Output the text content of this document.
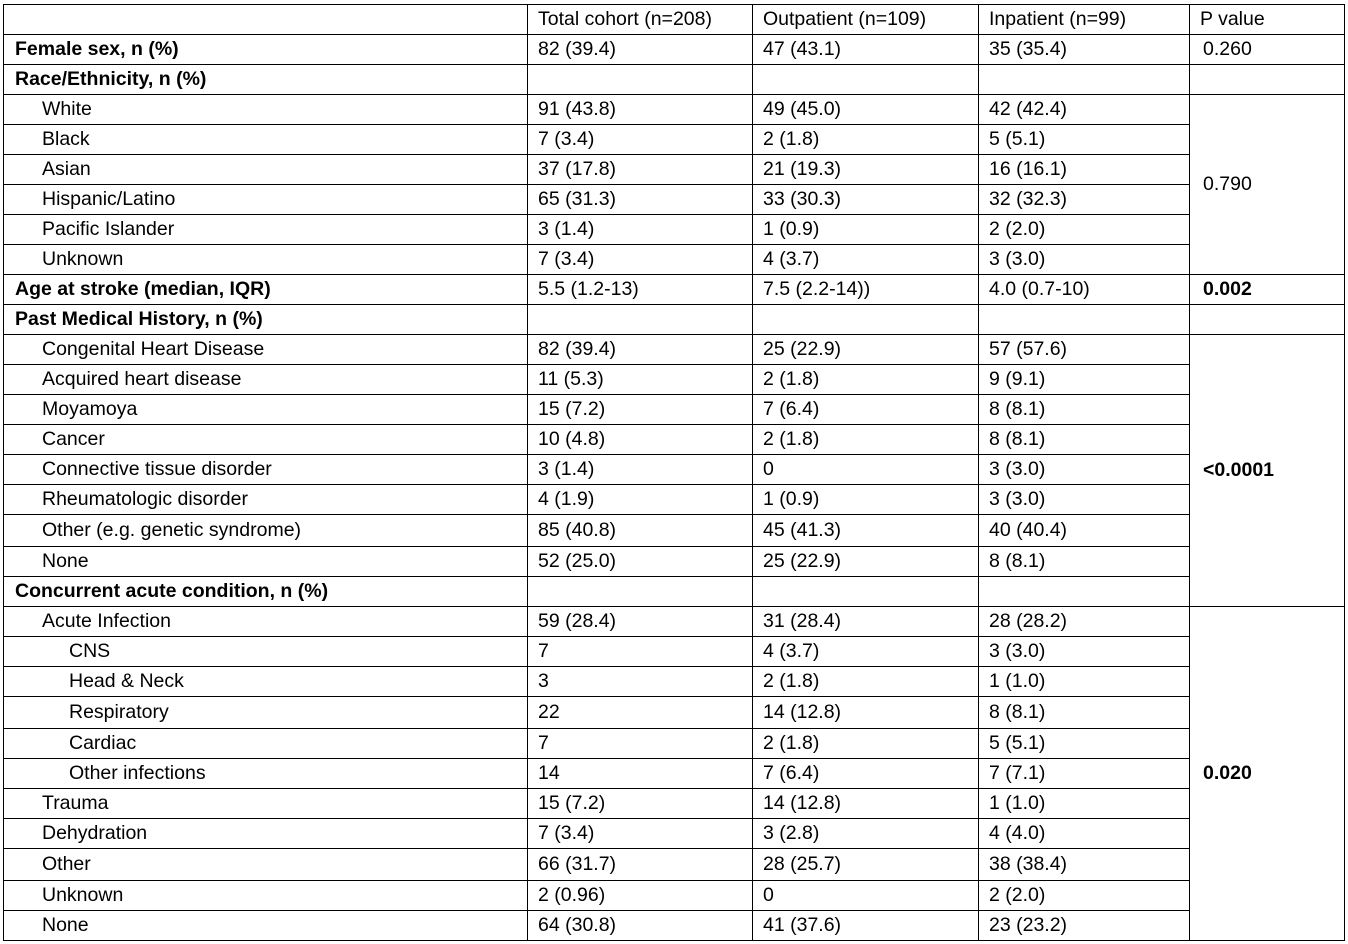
	Total cohort (n=208)	Outpatient (n=109)	Inpatient (n=99)	P value
Female sex, n (%)	82 (39.4)	47 (43.1)	35 (35.4)	0.260
Race/Ethnicity, n (%)				
White	91 (43.8)	49 (45.0)	42 (42.4)	0.790
Black	7 (3.4)	2 (1.8)	5 (5.1)	
Asian	37 (17.8)	21 (19.3)	16 (16.1)	
Hispanic/Latino	65 (31.3)	33 (30.3)	32 (32.3)	
Pacific Islander	3 (1.4)	1 (0.9)	2 (2.0)	
Unknown	7 (3.4)	4 (3.7)	3 (3.0)	
Age at stroke (median, IQR)	5.5 (1.2-13)	7.5 (2.2-14))	4.0 (0.7-10)	0.002
Past Medical History, n (%)				
Congenital Heart Disease	82 (39.4)	25 (22.9)	57 (57.6)	<0.0001
Acquired heart disease	11 (5.3)	2 (1.8)	9 (9.1)	
Moyamoya	15 (7.2)	7 (6.4)	8 (8.1)	
Cancer	10 (4.8)	2 (1.8)	8 (8.1)	
Connective tissue disorder	3 (1.4)	0	3 (3.0)	
Rheumatologic disorder	4 (1.9)	1 (0.9)	3 (3.0)	
Other (e.g. genetic syndrome)	85 (40.8)	45 (41.3)	40 (40.4)	
None	52 (25.0)	25 (22.9)	8 (8.1)	
Concurrent acute condition, n (%)				
Acute Infection	59 (28.4)	31 (28.4)	28 (28.2)	0.020
CNS	7	4 (3.7)	3 (3.0)	
Head & Neck	3	2 (1.8)	1 (1.0)	
Respiratory	22	14 (12.8)	8 (8.1)	
Cardiac	7	2 (1.8)	5 (5.1)	
Other infections	14	7 (6.4)	7 (7.1)	
Trauma	15 (7.2)	14 (12.8)	1 (1.0)	
Dehydration	7 (3.4)	3 (2.8)	4 (4.0)	
Other	66 (31.7)	28 (25.7)	38 (38.4)	
Unknown	2 (0.96)	0	2 (2.0)	
None	64 (30.8)	41 (37.6)	23 (23.2)	
